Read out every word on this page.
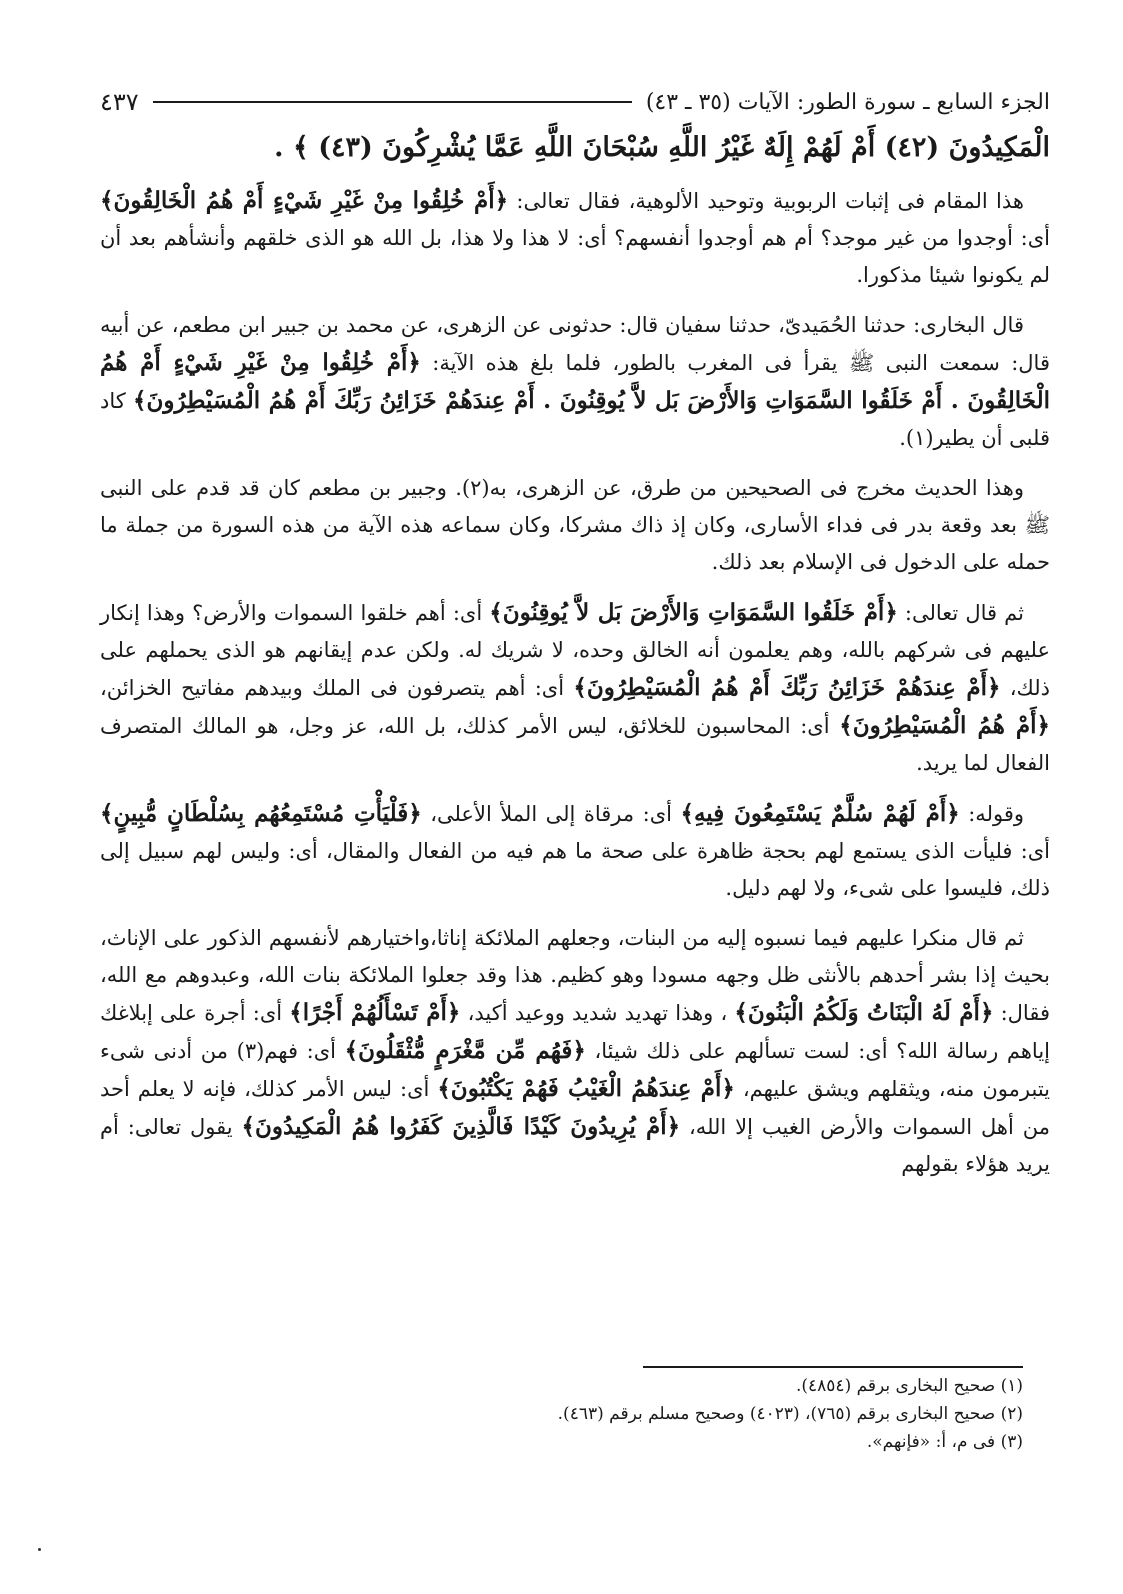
الجزء السابع ـ سورة الطور: الآيات (٣٥ ـ ٤٣)
٤٣٧
الْمَكِيدُونَ (٤٢) أَمْ لَهُمْ إِلَهٌ غَيْرُ اللَّهِ سُبْحَانَ اللَّهِ عَمَّا يُشْرِكُونَ (٤٣) ﴾ .

هذا المقام فى إثبات الربوبية وتوحيد الألوهية، فقال تعالى: ﴿أَمْ خُلِقُوا مِنْ غَيْرِ شَيْءٍ أَمْ هُمُ الْخَالِقُونَ﴾ أى: أوجدوا من غير موجد؟ أم هم أوجدوا أنفسهم؟ أى: لا هذا ولا هذا، بل الله هو الذى خلقهم وأنشأهم بعد أن لم يكونوا شيئا مذكورا.

قال البخارى: حدثنا الحُمَيدىّ، حدثنا سفيان قال: حدثونى عن الزهرى، عن محمد بن جبير ابن مطعم، عن أبيه قال: سمعت النبى ﷺ يقرأ فى المغرب بالطور، فلما بلغ هذه الآية: ﴿أَمْ خُلِقُوا مِنْ غَيْرِ شَيْءٍ أَمْ هُمُ الْخَالِقُونَ . أَمْ خَلَقُوا السَّمَوَاتِ وَالأَرْضَ بَل لاَّ يُوقِنُونَ . أَمْ عِندَهُمْ خَزَائِنُ رَبِّكَ أَمْ هُمُ الْمُسَيْطِرُونَ﴾ كاد قلبى أن يطير(١).

وهذا الحديث مخرج فى الصحيحين من طرق، عن الزهرى، به(٢). وجبير بن مطعم كان قد قدم على النبى ﷺ بعد وقعة بدر فى فداء الأسارى، وكان إذ ذاك مشركا، وكان سماعه هذه الآية من هذه السورة من جملة ما حمله على الدخول فى الإسلام بعد ذلك.

ثم قال تعالى: ﴿أَمْ خَلَقُوا السَّمَوَاتِ وَالأَرْضَ بَل لاَّ يُوقِنُونَ﴾ أى: أهم خلقوا السموات والأرض؟ وهذا إنكار عليهم فى شركهم بالله، وهم يعلمون أنه الخالق وحده، لا شريك له. ولكن عدم إيقانهم هو الذى يحملهم على ذلك، ﴿أَمْ عِندَهُمْ خَزَائِنُ رَبِّكَ أَمْ هُمُ الْمُسَيْطِرُونَ﴾ أى: أهم يتصرفون فى الملك وبيدهم مفاتيح الخزائن، ﴿أَمْ هُمُ الْمُسَيْطِرُونَ﴾ أى: المحاسبون للخلائق، ليس الأمر كذلك، بل الله، عز وجل، هو المالك المتصرف الفعال لما يريد.

وقوله: ﴿أَمْ لَهُمْ سُلَّمٌ يَسْتَمِعُونَ فِيهِ﴾ أى: مرقاة إلى الملأ الأعلى، ﴿فَلْيَأْتِ مُسْتَمِعُهُم بِسُلْطَانٍ مُّبِينٍ﴾ أى: فليأت الذى يستمع لهم بحجة ظاهرة على صحة ما هم فيه من الفعال والمقال، أى: وليس لهم سبيل إلى ذلك، فليسوا على شىء، ولا لهم دليل.

ثم قال منكرا عليهم فيما نسبوه إليه من البنات، وجعلهم الملائكة إناثا،واختيارهم لأنفسهم الذكور على الإناث، بحيث إذا بشر أحدهم بالأنثى ظل وجهه مسودا وهو كظيم. هذا وقد جعلوا الملائكة بنات الله، وعبدوهم مع الله، فقال: ﴿أَمْ لَهُ الْبَنَاتُ وَلَكُمُ الْبَنُونَ﴾ ، وهذا تهديد شديد ووعيد أكيد، ﴿أَمْ تَسْأَلُهُمْ أَجْرًا﴾ أى: أجرة على إبلاغك إياهم رسالة الله؟ أى: لست تسألهم على ذلك شيئا، ﴿فَهُم مِّن مَّغْرَمٍ مُّثْقَلُونَ﴾ أى: فهم(٣) من أدنى شىء يتبرمون منه، ويثقلهم ويشق عليهم، ﴿أَمْ عِندَهُمُ الْغَيْبُ فَهُمْ يَكْتُبُونَ﴾ أى: ليس الأمر كذلك، فإنه لا يعلم أحد من أهل السموات والأرض الغيب إلا الله، ﴿أَمْ يُرِيدُونَ كَيْدًا فَالَّذِينَ كَفَرُوا هُمُ الْمَكِيدُونَ﴾ يقول تعالى: أم يريد هؤلاء بقولهم

(١) صحيح البخارى برقم (٤٨٥٤).
(٢) صحيح البخارى برقم (٧٦٥)، (٤٠٢٣) وصحيح مسلم برقم (٤٦٣).
(٣) فى م، أ: «فإنهم».
